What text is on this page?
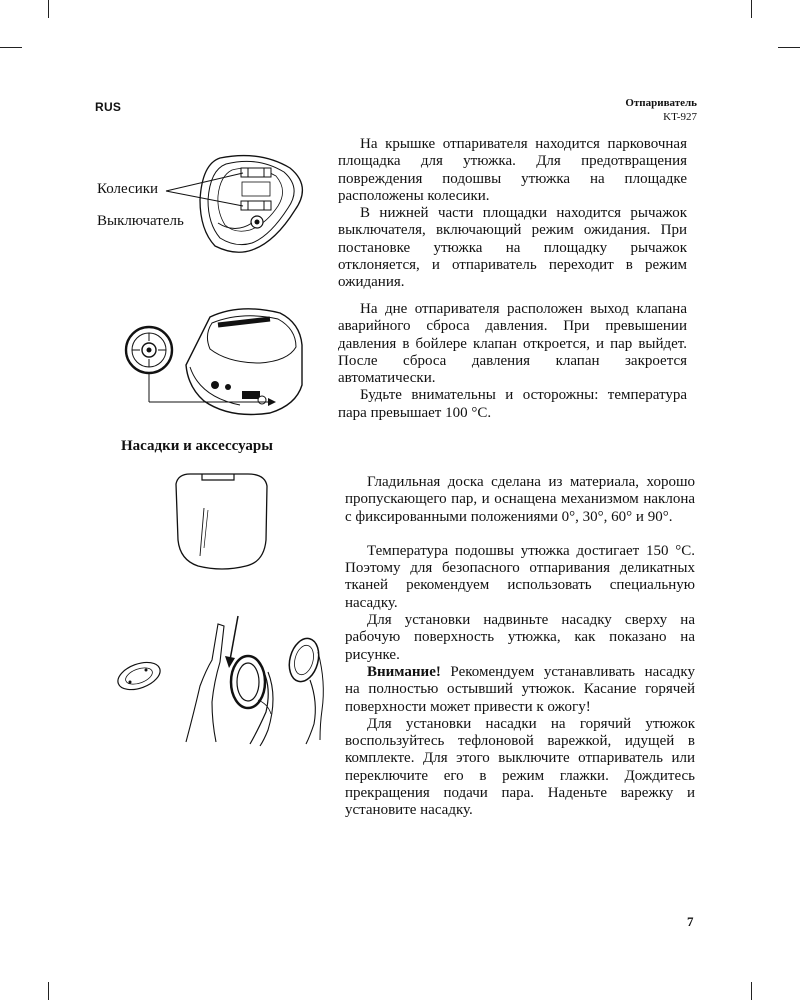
RUS	Отпариватель
KT-927
Колесики
Выключатель
Насадки и аксессуары

На крышке отпаривателя находится парковочная площадка для утюжка. Для предотвращения повреждения подошвы утюжка на площадке расположены колесики.

В нижней части площадки находится рычажок выключателя, включающий режим ожидания. При постановке утюжка на площадку рычажок отклоняется, и отпариватель переходит в режим ожидания.

На дне отпаривателя расположен выход клапана аварийного сброса давления. При превышении давления в бойлере клапан откроется, и пар выйдет. После сброса давления клапан закроется автоматически.

Будьте внимательны и осторожны: температура пара превышает 100 °С.

Гладильная доска сделана из материала, хорошо пропускающего пар, и оснащена механизмом наклона с фиксированными положениями 0°, 30°, 60° и 90°.

Температура подошвы утюжка достигает 150 °С. Поэтому для безопасного отпаривания деликатных тканей рекомендуем использовать специальную насадку.

Для установки надвиньте насадку сверху на рабочую поверхность утюжка, как показано на рисунке.

Внимание! Рекомендуем устанавливать насадку на полностью остывший утюжок. Касание горячей поверхности может привести к ожогу!

Для установки насадки на горячий утюжок воспользуйтесь тефлоновой варежкой, идущей в комплекте. Для этого выключите отпариватель или переключите его в режим глажки. Дождитесь прекращения подачи пара. Наденьте варежку и установите насадку.

7
